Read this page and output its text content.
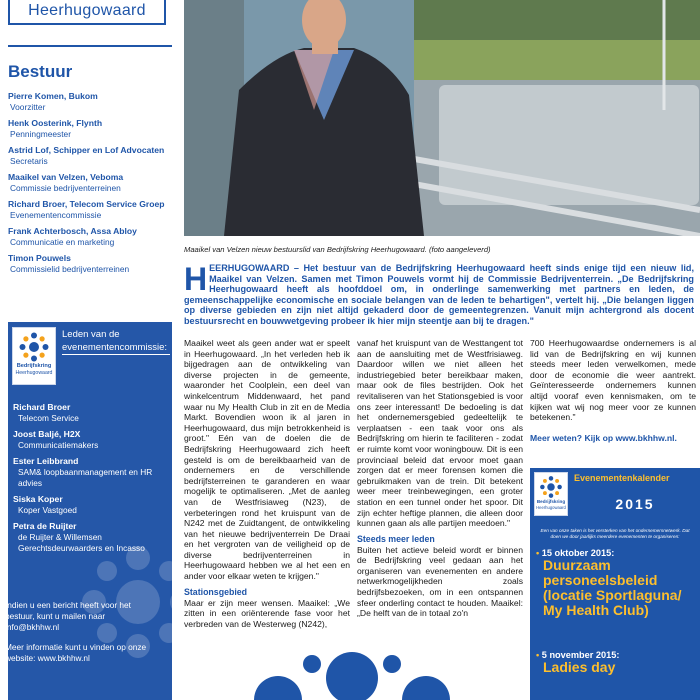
Heerhugowaard
Bestuur
Pierre Komen, Bukom
Voorzitter
Henk Oosterink, Flynth
Penningmeester
Astrid Lof, Schipper en Lof Advocaten
Secretaris
Maaikel van Velzen, Veboma
Commissie bedrijventerreinen
Richard Broer, Telecom Service Groep
Evenementencommissie
Frank Achterbosch, Assa Abloy
Communicatie en marketing
Timon Pouwels
Commissielid bedrijventerreinen
Bedrijfskring
Heerhugowaard
Leden van de
evenementencommissie:
Richard Broer
Telecom Service
Joost Baljé, H2X
Communicatiemakers
Ester Leibbrand
SAM& loopbaanmanagement en HR advies
Siska Koper
Koper Vastgoed
Petra de Ruijter
de Ruijter & Willemsen Gerechtsdeurwaarders en Incasso

Indien u een bericht heeft voor het bestuur, kunt u mailen naar info@bkhhw.nl

Meer informatie kunt u vinden op onze website: www.bkhhw.nl

Maaikel van Velzen nieuw bestuurslid van Bedrijfskring Heerhugowaard. (foto aangeleverd)
HEERHUGOWAARD – Het bestuur van de Bedrijfskring Heerhugowaard heeft sinds enige tijd een nieuw lid, Maaikel van Velzen. Samen met Timon Pouwels vormt hij de Commissie Bedrijventerrein. „De Bedrijfskring Heerhugowaard heeft als hoofddoel om, in onderlinge samenwerking met partners en leden, de gemeenschappelijke economische en sociale belangen van de leden te behartigen", vertelt hij. „Die belangen liggen op diverse gebieden en zijn niet altijd gekaderd door de gemeentegrenzen. Vanuit mijn achtergrond als docent bestuursrecht en bouwwetgeving probeer ik hier mijn steentje aan bij te dragen."

Maaikel weet als geen ander wat er speelt in Heerhugowaard. „In het verleden heb ik bijgedragen aan de ontwikkeling van diverse projecten in de gemeente, waaronder het Coolplein, een deel van winkelcentrum Middenwaard, het pand waar nu My Health Club in zit en de Media Markt. Bovendien woon ik al jaren in Heerhugowaard, dus mijn betrokkenheid is groot." Eén van de doelen die de Bedrijfskring Heerhugowaard zich heeft gesteld is om de bereikbaarheid van de ondernemers en de verschillende bedrijfsterreinen te garanderen en waar mogelijk te optimaliseren. „Met de aanleg van de Westfrisiaweg (N23), de verbeteringen rond het kruispunt van de N242 met de Zuidtangent, de ontwikkeling van het nieuwe bedrijventerrein De Draai en het vergroten van de veiligheid op de diverse bedrijventerreinen in Heerhugowaard hebben we al het een en ander voor elkaar weten te krijgen."

Stationsgebied

Maar er zijn meer wensen. Maaikel: „We zitten in een oriënterende fase voor het verbreden van de Westerweg (N242),

vanaf het kruispunt van de Westtangent tot aan de aansluiting met de Westfrisiaweg. Daardoor willen we niet alleen het industriegebied beter bereikbaar maken, maar ook de files bestrijden. Ook het revitaliseren van het Stationsgebied is voor ons zeer interessant! De bedoeling is dat het ondernemersgebied gedeeltelijk te verplaatsen - een taak voor ons als Bedrijfskring om hierin te faciliteren - zodat er ruimte komt voor woningbouw. Dit is een provinciaal beleid dat ervoor moet gaan zorgen dat er meer forensen komen die gebruikmaken van de trein. Dit betekent weer meer treinbewegingen, een groter station en een tunnel onder het spoor. Dit zijn echter heftige plannen, die alleen door kunnen gaan als alle partijen meedoen."

Steeds meer leden

Buiten het actieve beleid wordt er binnen de Bedrijfskring veel gedaan aan het organiseren van evenementen en andere netwerkmogelijkheden zoals bedrijfsbezoeken, om in een ontspannen sfeer onderling contact te houden. Maaikel: „De helft van de in totaal zo'n

700 Heerhugowaardse ondernemers is al lid van de Bedrijfskring en wij kunnen steeds meer leden verwelkomen, mede door de economie die weer aantrekt. Geïnteresseerde ondernemers kunnen altijd vooraf even kennismaken, om te kijken wat wij nog meer voor ze kunnen betekenen."

Meer weten? Kijk op www.bkhhw.nl.

Bedrijfskring
Heerhugowaard
Evenementenkalender
2015
Een van onze taken is het versterken van het ondernemersnetwerk. Dat doen we door jaarlijks meerdere evenementen te organiseren:
• 15 oktober 2015:
Duurzaam personeelsbeleid (locatie Sportlaguna/ My Health Club)
• 5 november 2015:
Ladies day
